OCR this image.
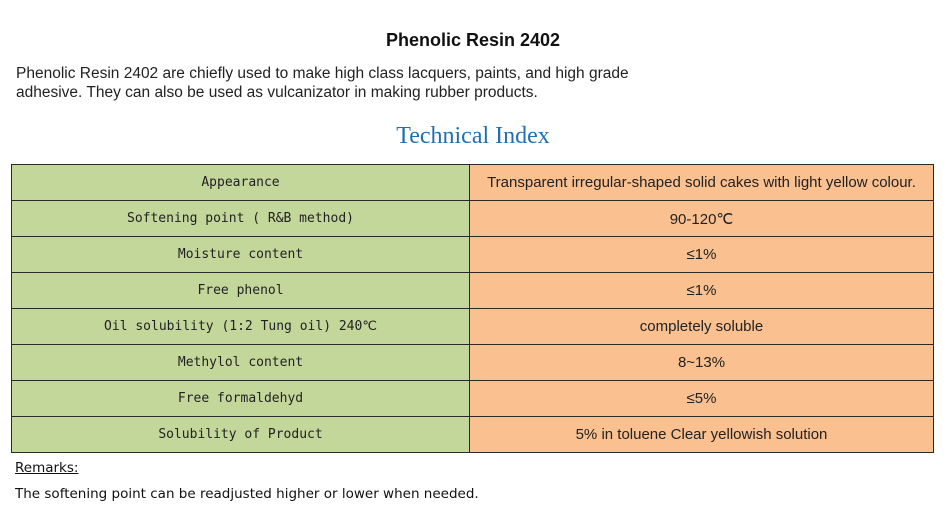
Phenolic Resin 2402
Phenolic Resin 2402 are chiefly used to make high class lacquers, paints, and high grade adhesive. They can also be used as vulcanizator in making rubber products.
Technical Index
Appearance	Transparent irregular-shaped solid cakes with light yellow colour.
Softening point ( R&B method)	90-120℃
Moisture content	≤1%
Free phenol	≤1%
Oil solubility (1:2 Tung oil) 240℃	completely soluble
Methylol content	8~13%
Free formaldehyd	≤5%
Solubility of Product	5% in toluene Clear yellowish solution
Remarks:
The softening point can be readjusted higher or lower when needed.
